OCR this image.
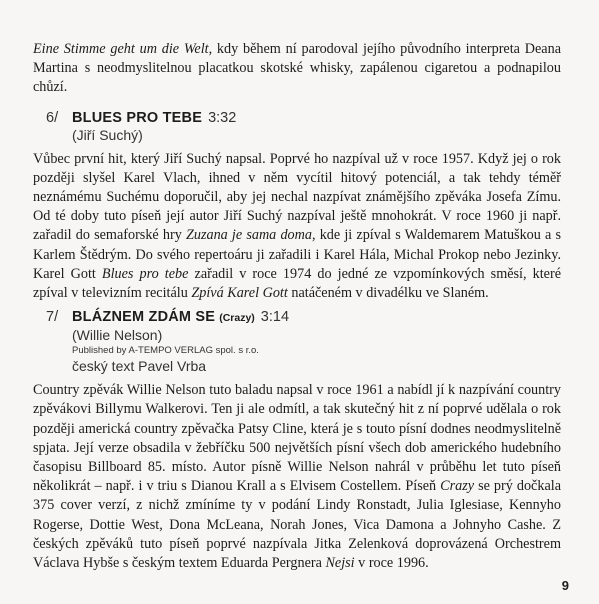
Eine Stimme geht um die Welt, kdy během ní parodoval jejího původního interpreta Deana Martina s neodmyslitelnou placatkou skotské whisky, zapálenou cigaretou a podnapilou chůzí.

6/ BLUES PRO TEBE 3:32
(Jiří Suchý)

Vůbec první hit, který Jiří Suchý napsal. Poprvé ho nazpíval už v roce 1957. Když jej o rok později slyšel Karel Vlach, ihned v něm vycítil hitový potenciál, a tak tehdy téměř neznámému Suchému doporučil, aby jej nechal nazpívat známějšího zpěváka Josefa Zímu. Od té doby tuto píseň její autor Jiří Suchý nazpíval ještě mnohokrát. V roce 1960 ji např. zařadil do semaforské hry Zuzana je sama doma, kde ji zpíval s Waldemarem Matuškou a s Karlem Štědrým. Do svého repertoáru ji zařadili i Karel Hála, Michal Prokop nebo Jezinky. Karel Gott Blues pro tebe zařadil v roce 1974 do jedné ze vzpomínkových směsí, které zpíval v televizním recitálu Zpívá Karel Gott natáčeném v divadélku ve Slaném.

7/ BLÁZNEM ZDÁM SE (Crazy) 3:14
(Willie Nelson)
Published by A-TEMPO VERLAG spol. s r.o.
český text Pavel Vrba

Country zpěvák Willie Nelson tuto baladu napsal v roce 1961 a nabídl jí k nazpívání country zpěvákovi Billymu Walkerovi. Ten ji ale odmítl, a tak skutečný hit z ní poprvé udělala o rok později americká country zpěvačka Patsy Cline, která je s touto písní dodnes neodmyslitelně spjata. Její verze obsadila v žebříčku 500 největších písní všech dob amerického hudebního časopisu Billboard 85. místo. Autor písně Willie Nelson nahrál v průběhu let tuto píseň několikrát – např. i v triu s Dianou Krall a s Elvisem Costellem. Píseň Crazy se prý dočkala 375 cover verzí, z nichž zmíníme ty v podání Lindy Ronstadt, Julia Iglesiase, Kennyho Rogerse, Dottie West, Dona McLeana, Norah Jones, Vica Damona a Johnyho Cashe. Z českých zpěváků tuto píseň poprvé nazpívala Jitka Zelenková doprovázená Orchestrem Václava Hybše s českým textem Eduarda Pergnera Nejsi v roce 1996.

9
